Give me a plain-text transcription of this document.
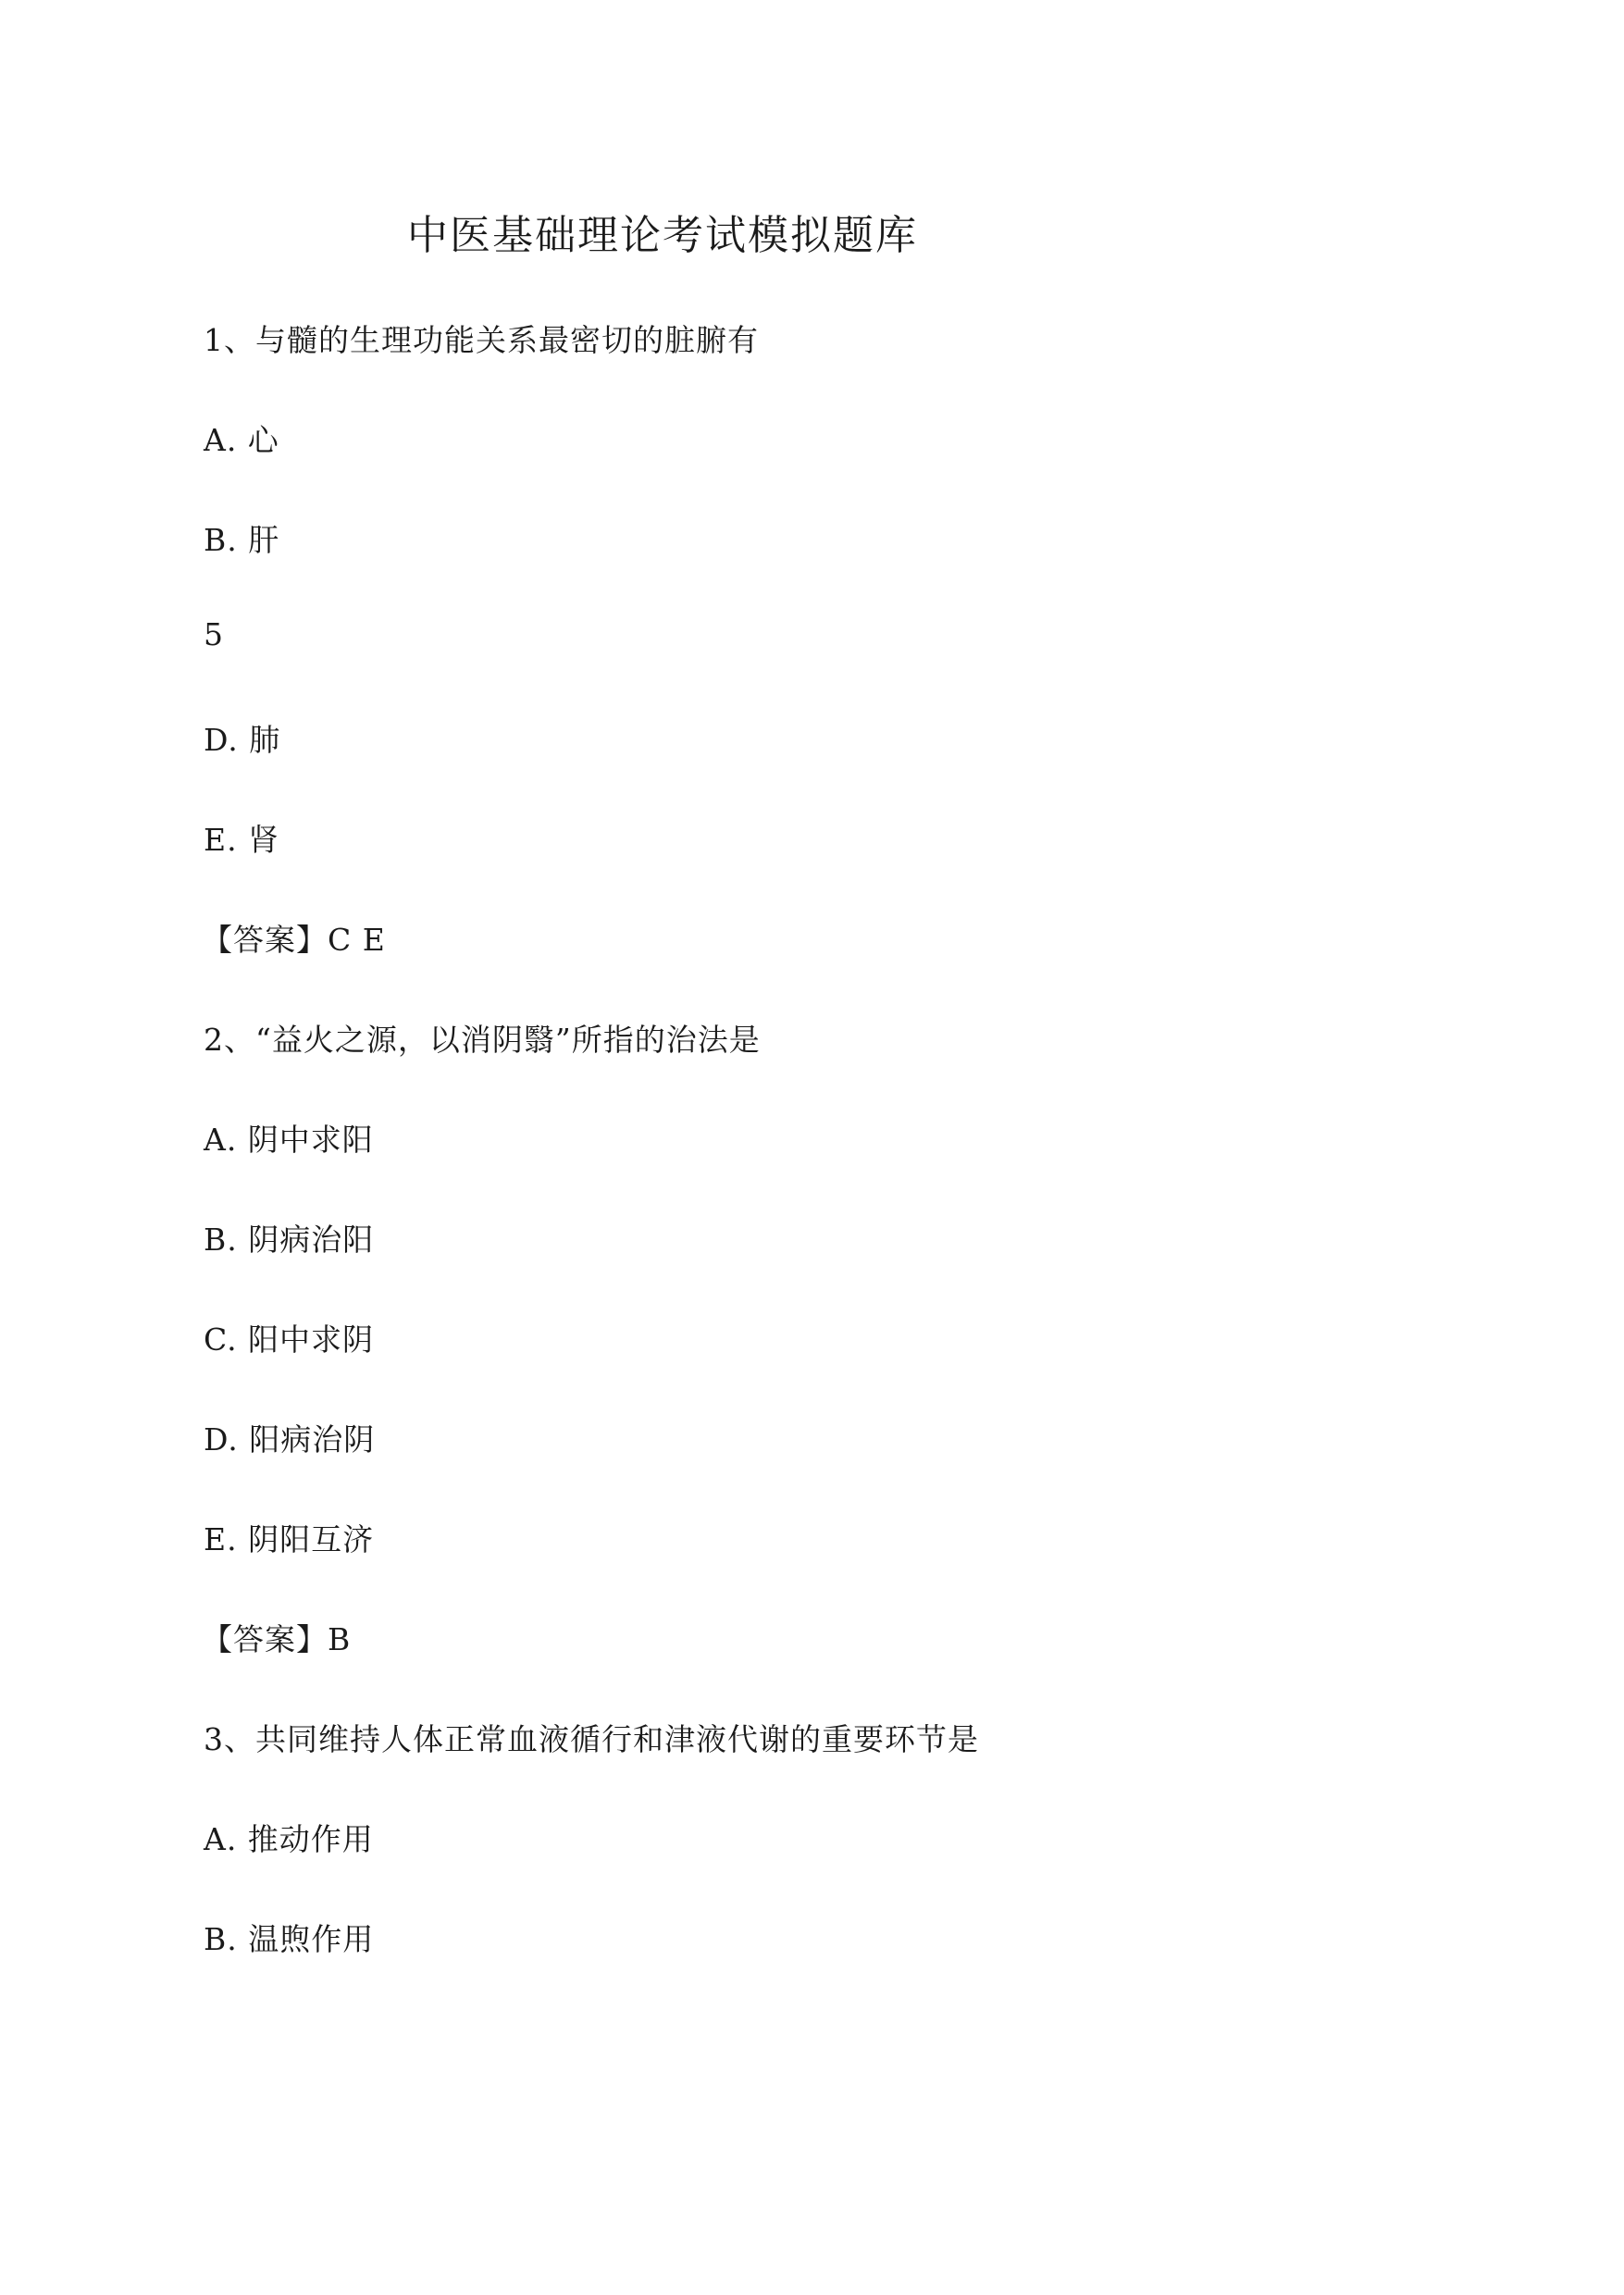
中医基础理论考试模拟题库
1、与髓的生理功能关系最密切的脏腑有
A. 心
B. 肝
5
D. 肺
E. 肾
【答案】C E
2、“益火之源，以消阴翳”所指的治法是
A. 阴中求阳
B. 阴病治阳
C. 阳中求阴
D. 阳病治阴
E. 阴阳互济
【答案】B
3、共同维持人体正常血液循行和津液代谢的重要环节是
A. 推动作用
B. 温煦作用
